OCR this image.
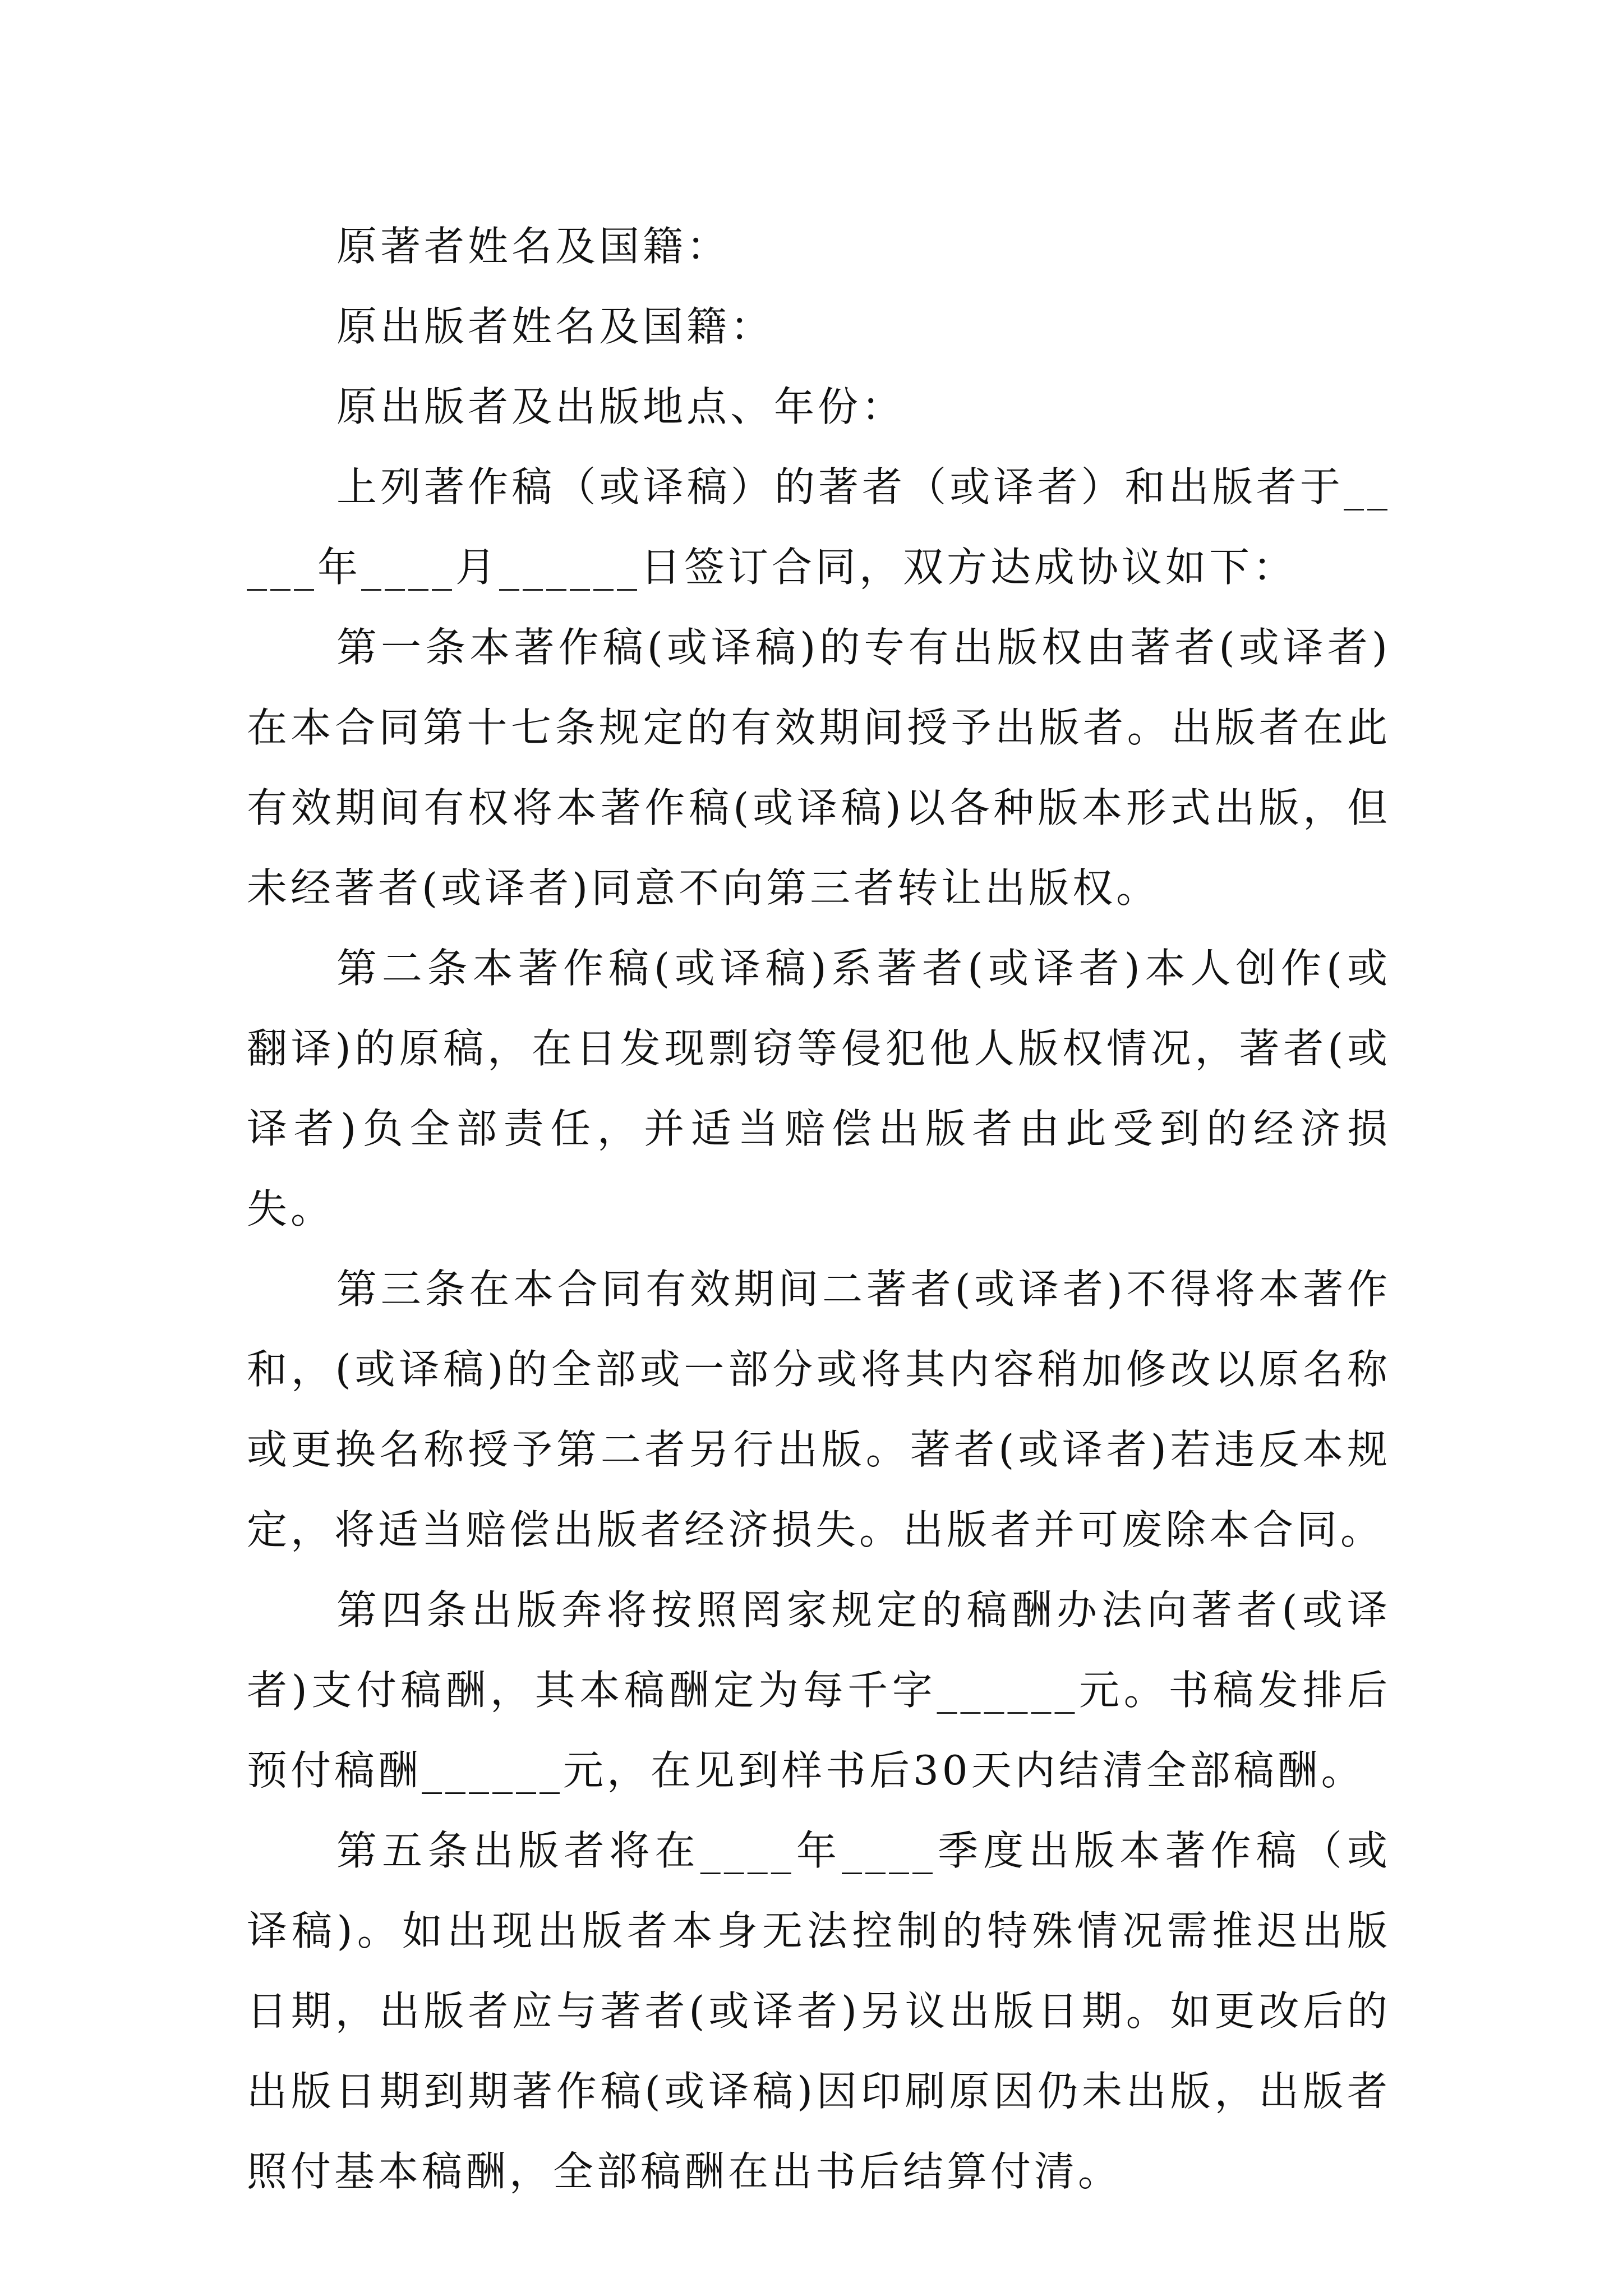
原著者姓名及国籍：

原出版者姓名及国籍：

原出版者及出版地点、年份：

上列著作稿（或译稿）的著者（或译者）和出版者于_____年____月______日签订合同，双方达成协议如下：

第一条本著作稿(或译稿)的专有出版权由著者(或译者)在本合同第十七条规定的有效期间授予出版者。出版者在此有效期间有权将本著作稿(或译稿)以各种版本形式出版，但未经著者(或译者)同意不向第三者转让出版权。

第二条本著作稿(或译稿)系著者(或译者)本人创作(或翻译)的原稿，在日发现剽窃等侵犯他人版权情况，著者(或译者)负全部责任，并适当赔偿出版者由此受到的经济损失。

第三条在本合同有效期间二著者(或译者)不得将本著作和，(或译稿)的全部或一部分或将其内容稍加修改以原名称或更换名称授予第二者另行出版。著者(或译者)若违反本规定，将适当赔偿出版者经济损失。出版者并可废除本合同。

第四条出版奔将按照罔家规定的稿酬办法向著者(或译者)支付稿酬，其本稿酬定为每千字______元。书稿发排后预付稿酬______元，在见到样书后30天内结清全部稿酬。

第五条出版者将在____年____季度出版本著作稿（或译稿)。如出现出版者本身无法控制的特殊情况需推迟出版日期，出版者应与著者(或译者)另议出版日期。如更改后的出版日期到期著作稿(或译稿)因印刷原因仍未出版，出版者照付基本稿酬，全部稿酬在出书后结算付清。
